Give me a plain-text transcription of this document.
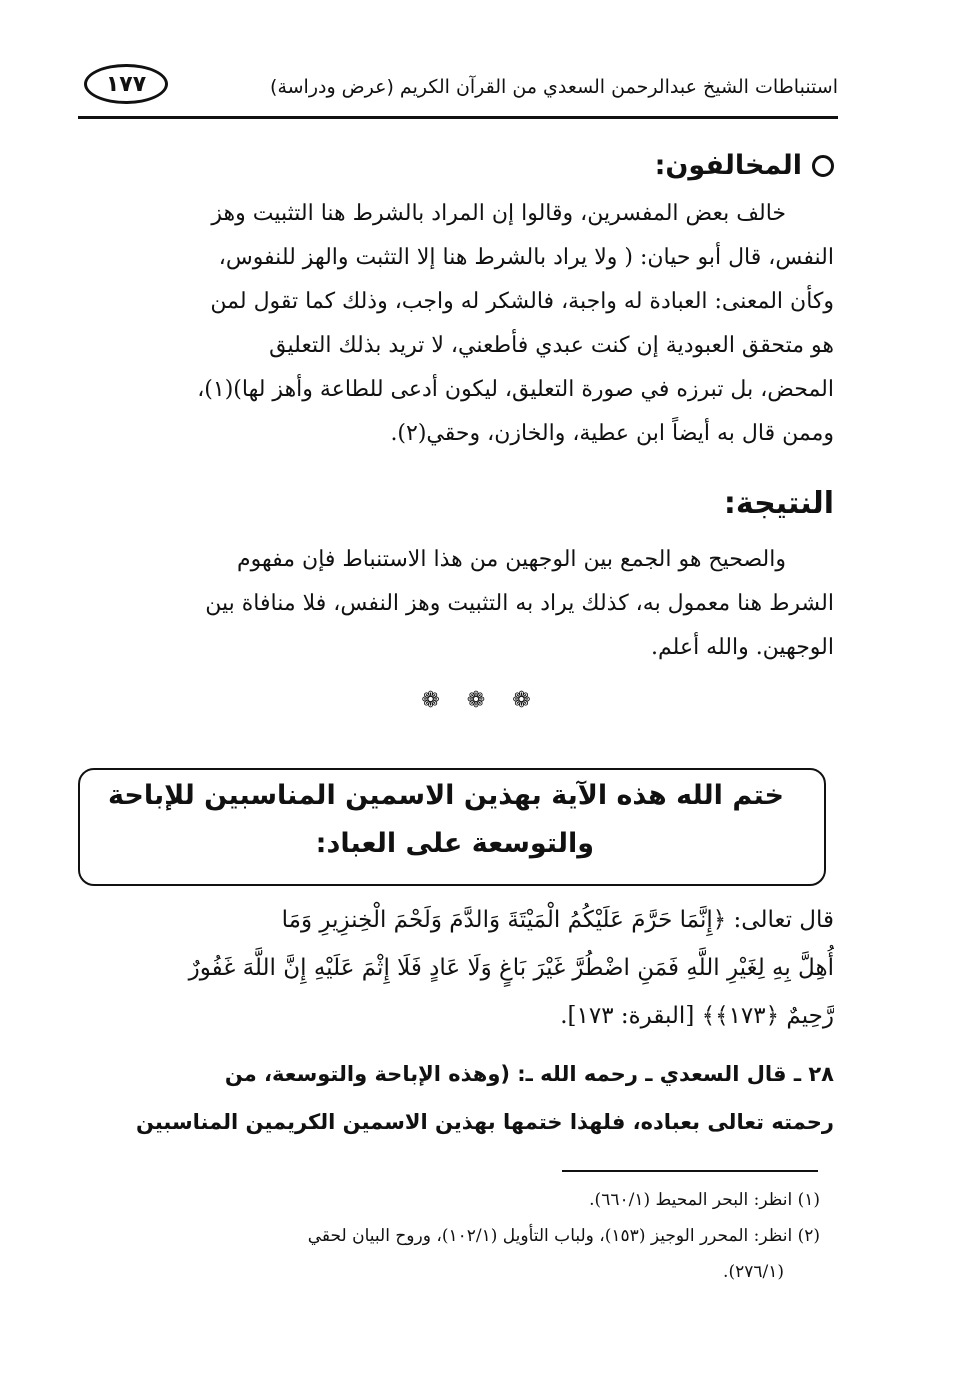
استنباطات الشيخ عبدالرحمن السعدي من القرآن الكريم (عرض ودراسة)
١٧٧
المخالفون:
خالف بعض المفسرين، وقالوا إن المراد بالشرط هنا التثبيت وهز
النفس، قال أبو حيان: ( ولا يراد بالشرط هنا إلا التثبت والهز للنفوس،
وكأن المعنى: العبادة له واجبة، فالشكر له واجب، وذلك كما تقول لمن
هو متحقق العبودية إن كنت عبدي فأطعني، لا تريد بذلك التعليق
المحض، بل تبرزه في صورة التعليق، ليكون أدعى للطاعة وأهز لها)(١)،
وممن قال به أيضاً ابن عطية، والخازن، وحقي(٢).
النتيجة:
والصحيح هو الجمع بين الوجهين من هذا الاستنباط فإن مفهوم
الشرط هنا معمول به، كذلك يراد به التثبيت وهز النفس، فلا منافاة بين
الوجهين. والله أعلم.
❁ ❁ ❁
ختم الله هذه الآية بهذين الاسمين المناسبين للإباحة
والتوسعة على العباد:
قال تعالى: ﴿إِنَّمَا حَرَّمَ عَلَيْكُمُ الْمَيْتَةَ وَالدَّمَ وَلَحْمَ الْخِنزِيرِ وَمَا
أُهِلَّ بِهِ لِغَيْرِ اللَّهِ فَمَنِ اضْطُرَّ غَيْرَ بَاغٍ وَلَا عَادٍ فَلَا إِثْمَ عَلَيْهِ إِنَّ اللَّهَ غَفُورٌ
رَّحِيمٌ ﴿١٧٣﴾﴾ [البقرة: ١٧٣].
٢٨ ـ قال السعدي ـ رحمه الله ـ: (وهذه الإباحة والتوسعة، من
رحمته تعالى بعباده، فلهذا ختمها بهذين الاسمين الكريمين المناسبين
(١) انظر: البحر المحيط (٦٦٠/١).
(٢) انظر: المحرر الوجيز (١٥٣)، ولباب التأويل (١٠٢/١)، وروح البيان لحقي
(٢٧٦/١).
